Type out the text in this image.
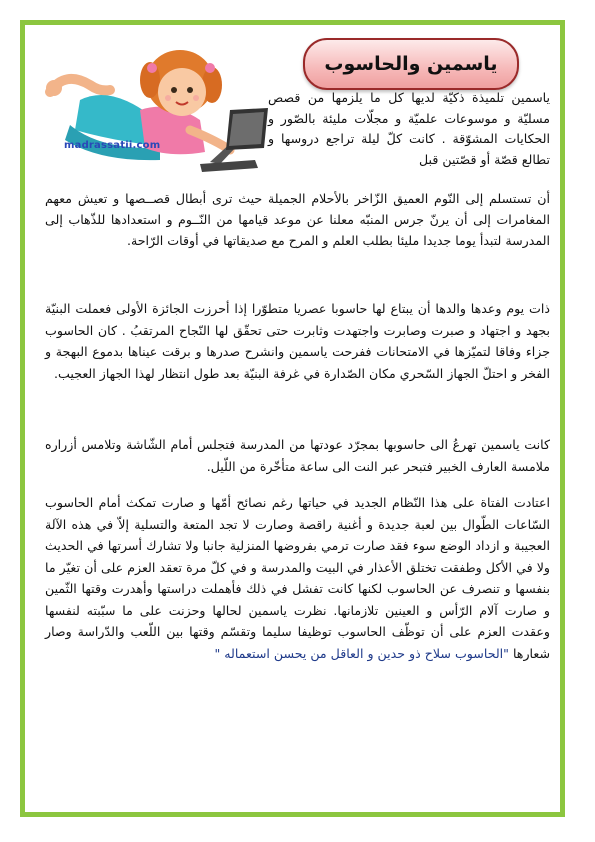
madrassatii.com
ياسمين والحاسوب

ياسمين تلميذة ذكيّة لديها كل ما يلزمها من قصص مسليّة و موسوعات علميّة و مجلّات مليئة بالصّور و الحكايات المشوّقة . كانت كلّ ليلة تراجع دروسها و تطالع قصّة أو قصّتين قبل

أن تستسلم إلى النّوم العميق الزّاخر بالأحلام الجميلة حيث ترى أبطال قصــصها و تعيش معهم المغامرات إلى أن يرنّ جرس المنبّه معلنا عن موعد قيامها من النّــوم و استعدادها للذّهاب إلى المدرسة لتبدأ يوما جديدا مليئا بطلب العلم و المرح مع صديقاتها في أوقات الرّاحة.

ذات يوم وعدها والدها أن يبتاع لها حاسوبا عصريا متطوّرا إذا أحرزت الجائزة الأولى فعملت البنيّة بجهد و اجتهاد و صبرت وصابرت واجتهدت وثابرت حتى تحقّق لها النّجاح المرتقبُ . كان الحاسوب جزاء وفاقا لتميّزها في الامتحانات ففرحت ياسمين وانشرح صدرها و برقت عيناها بدموع البهجة و الفخر و احتلّ الجهاز السّحري مكان الصّدارة في غرفة البنيّة بعد طول انتظار لهذا الجهاز العجيب.

كانت ياسمين تهرعُ الى حاسوبها بمجرّد عودتها من المدرسة فتجلس أمام الشّاشة وتلامس أزراره ملامسة العارف الخبير فتبحر عبر النت الى ساعة متأخّرة من اللّيل.

اعتادت الفتاة على هذا النّظام الجديد في حياتها رغم نصائح أمّها و صارت تمكث أمام الحاسوب السّاعات الطّوال بين لعبة جديدة و أغنية راقصة وصارت لا تجد المتعة والتسلية إلاّ في هذه الآلة العجيبة و ازداد الوضع سوء فقد صارت ترمي بفروضها المنزلية جانبا ولا تشارك أسرتها في الحديث ولا في الأكل وطفقت تختلق الأعذار في البيت والمدرسة و في كلّ مرة تعقد العزم على أن تغيّر ما بنفسها و تنصرف عن الحاسوب لكنها كانت تفشل في ذلك فأهملت دراستها وأهدرت وقتها الثّمين و صارت آلام الرّأس و العينين تلازمانها. نظرت ياسمين لحالها وحزنت على ما سبّبته لنفسها وعقدت العزم على أن توظّف الحاسوب توظيفا سليما وتقسّم وقتها بين اللّعب والدّراسة وصار شعارها "الحاسوب سلاح ذو حدين و العاقل من يحسن استعماله "
